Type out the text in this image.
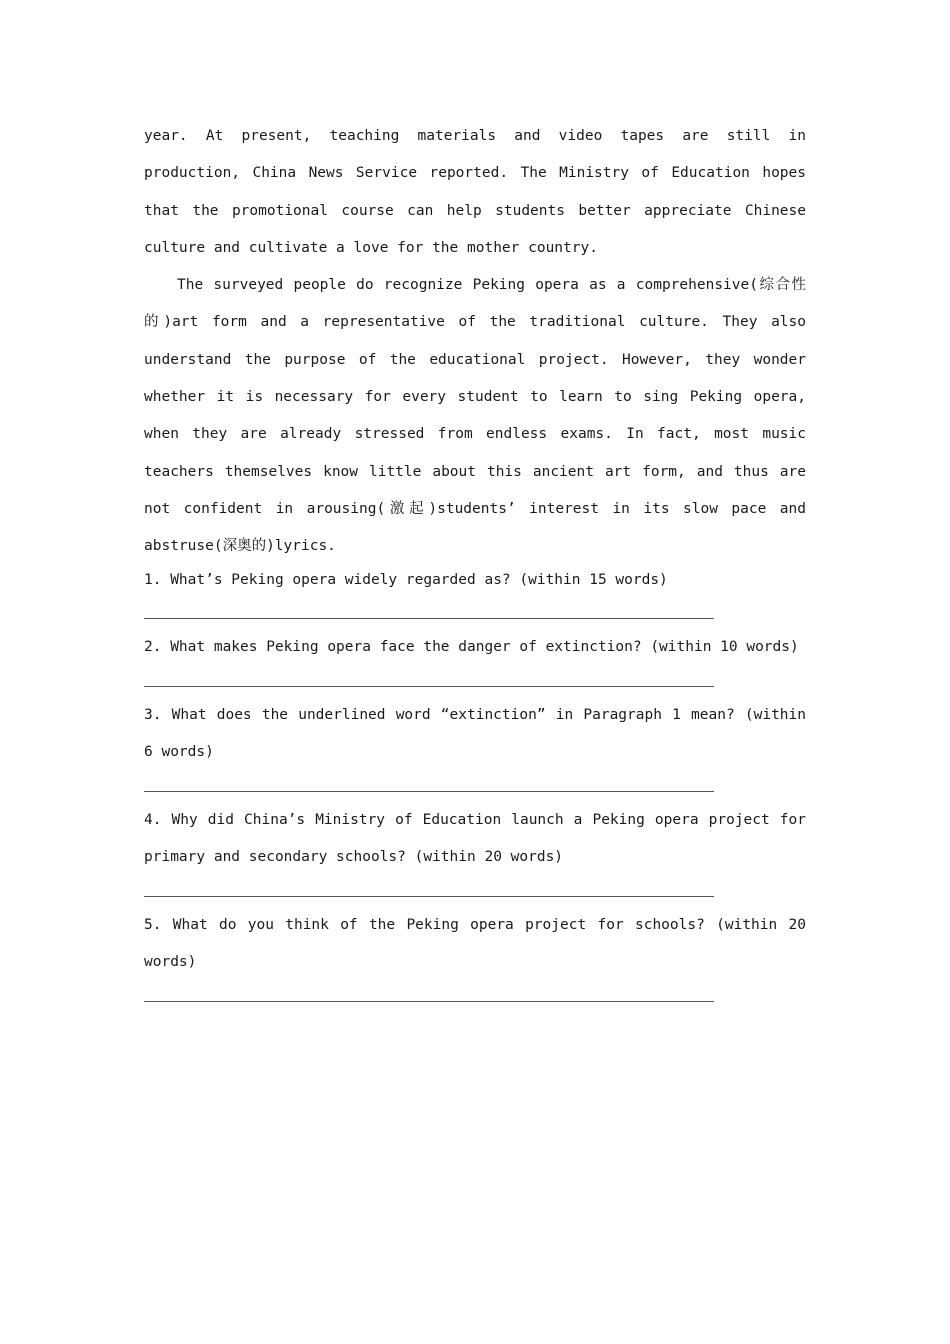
year. At present, teaching materials and video tapes are still in production, China News Service reported. The Ministry of Education hopes that the promotional course can help students better appreciate Chinese culture and cultivate a love for the mother country.

The surveyed people do recognize Peking opera as a comprehensive(综合性的)art form and a representative of the traditional culture. They also understand the purpose of the educational project. However, they wonder whether it is necessary for every student to learn to sing Peking opera, when they are already stressed from endless exams. In fact, most music teachers themselves know little about this ancient art form, and thus are not confident in arousing(激起)students’ interest in its slow pace and abstruse(深奥的)lyrics.

1. What’s Peking opera widely regarded as? (within 15 words)

2. What makes Peking opera face the danger of extinction? (within 10 words)

3. What does the underlined word “extinction” in Paragraph 1 mean? (within 6 words)

4. Why did China’s Ministry of Education launch a Peking opera project for primary and secondary schools? (within 20 words)

5. What do you think of the Peking opera project for schools? (within 20 words)
